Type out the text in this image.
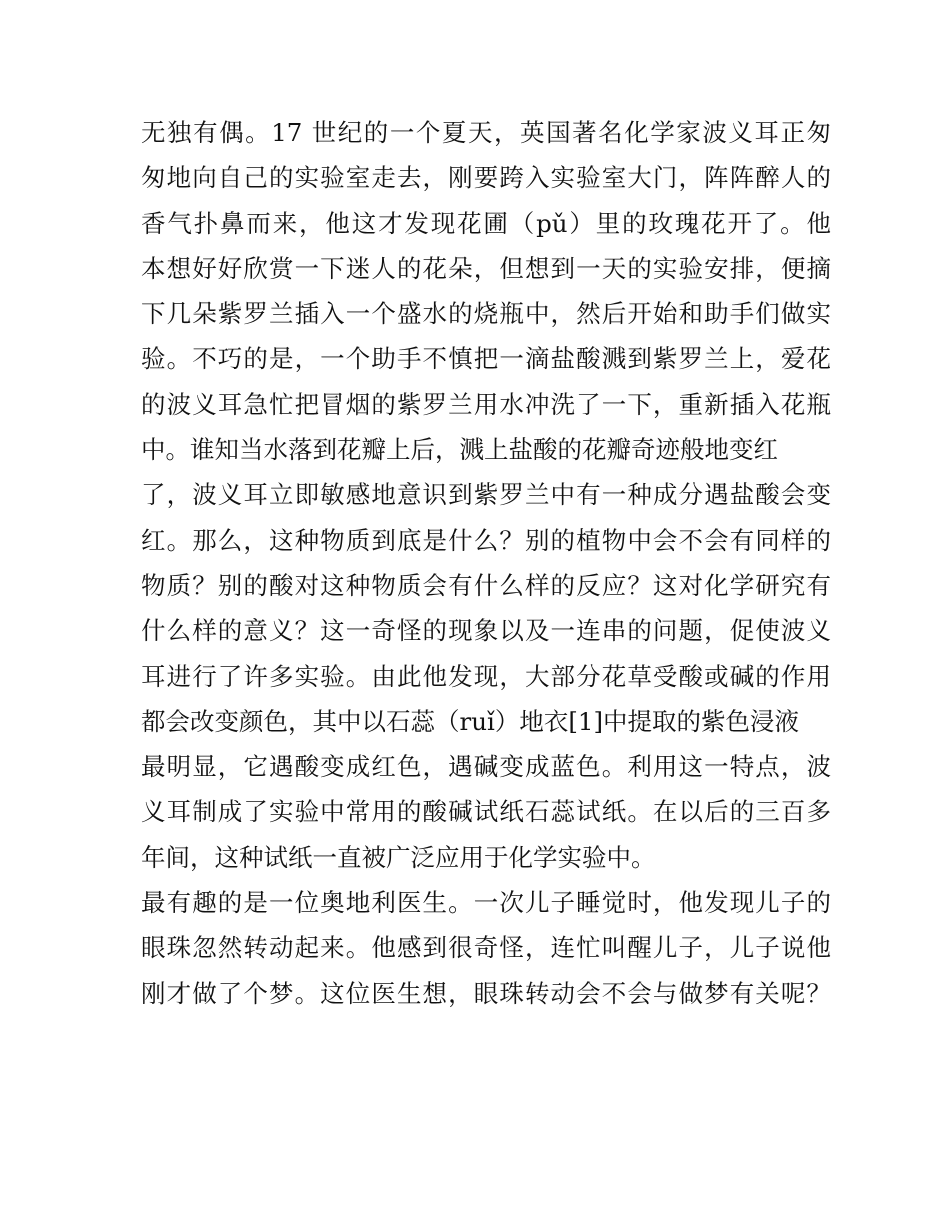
无独有偶。17 世纪的一个夏天，英国著名化学家波义耳正匆
匆地向自己的实验室走去，刚要跨入实验室大门，阵阵醉人的
香气扑鼻而来，他这才发现花圃（pǔ）里的玫瑰花开了。他
本想好好欣赏一下迷人的花朵，但想到一天的实验安排，便摘
下几朵紫罗兰插入一个盛水的烧瓶中，然后开始和助手们做实
验。不巧的是，一个助手不慎把一滴盐酸溅到紫罗兰上，爱花
的波义耳急忙把冒烟的紫罗兰用水冲洗了一下，重新插入花瓶
中。谁知当水落到花瓣上后，溅上盐酸的花瓣奇迹般地变红
了，波义耳立即敏感地意识到紫罗兰中有一种成分遇盐酸会变
红。那么，这种物质到底是什么？别的植物中会不会有同样的
物质？别的酸对这种物质会有什么样的反应？这对化学研究有
什么样的意义？这一奇怪的现象以及一连串的问题，促使波义
耳进行了许多实验。由此他发现，大部分花草受酸或碱的作用
都会改变颜色，其中以石蕊（ruǐ）地衣[1]中提取的紫色浸液
最明显，它遇酸变成红色，遇碱变成蓝色。利用这一特点，波
义耳制成了实验中常用的酸碱试纸石蕊试纸。在以后的三百多
年间，这种试纸一直被广泛应用于化学实验中。
最有趣的是一位奥地利医生。一次儿子睡觉时，他发现儿子的
眼珠忽然转动起来。他感到很奇怪，连忙叫醒儿子，儿子说他
刚才做了个梦。这位医生想，眼珠转动会不会与做梦有关呢？
